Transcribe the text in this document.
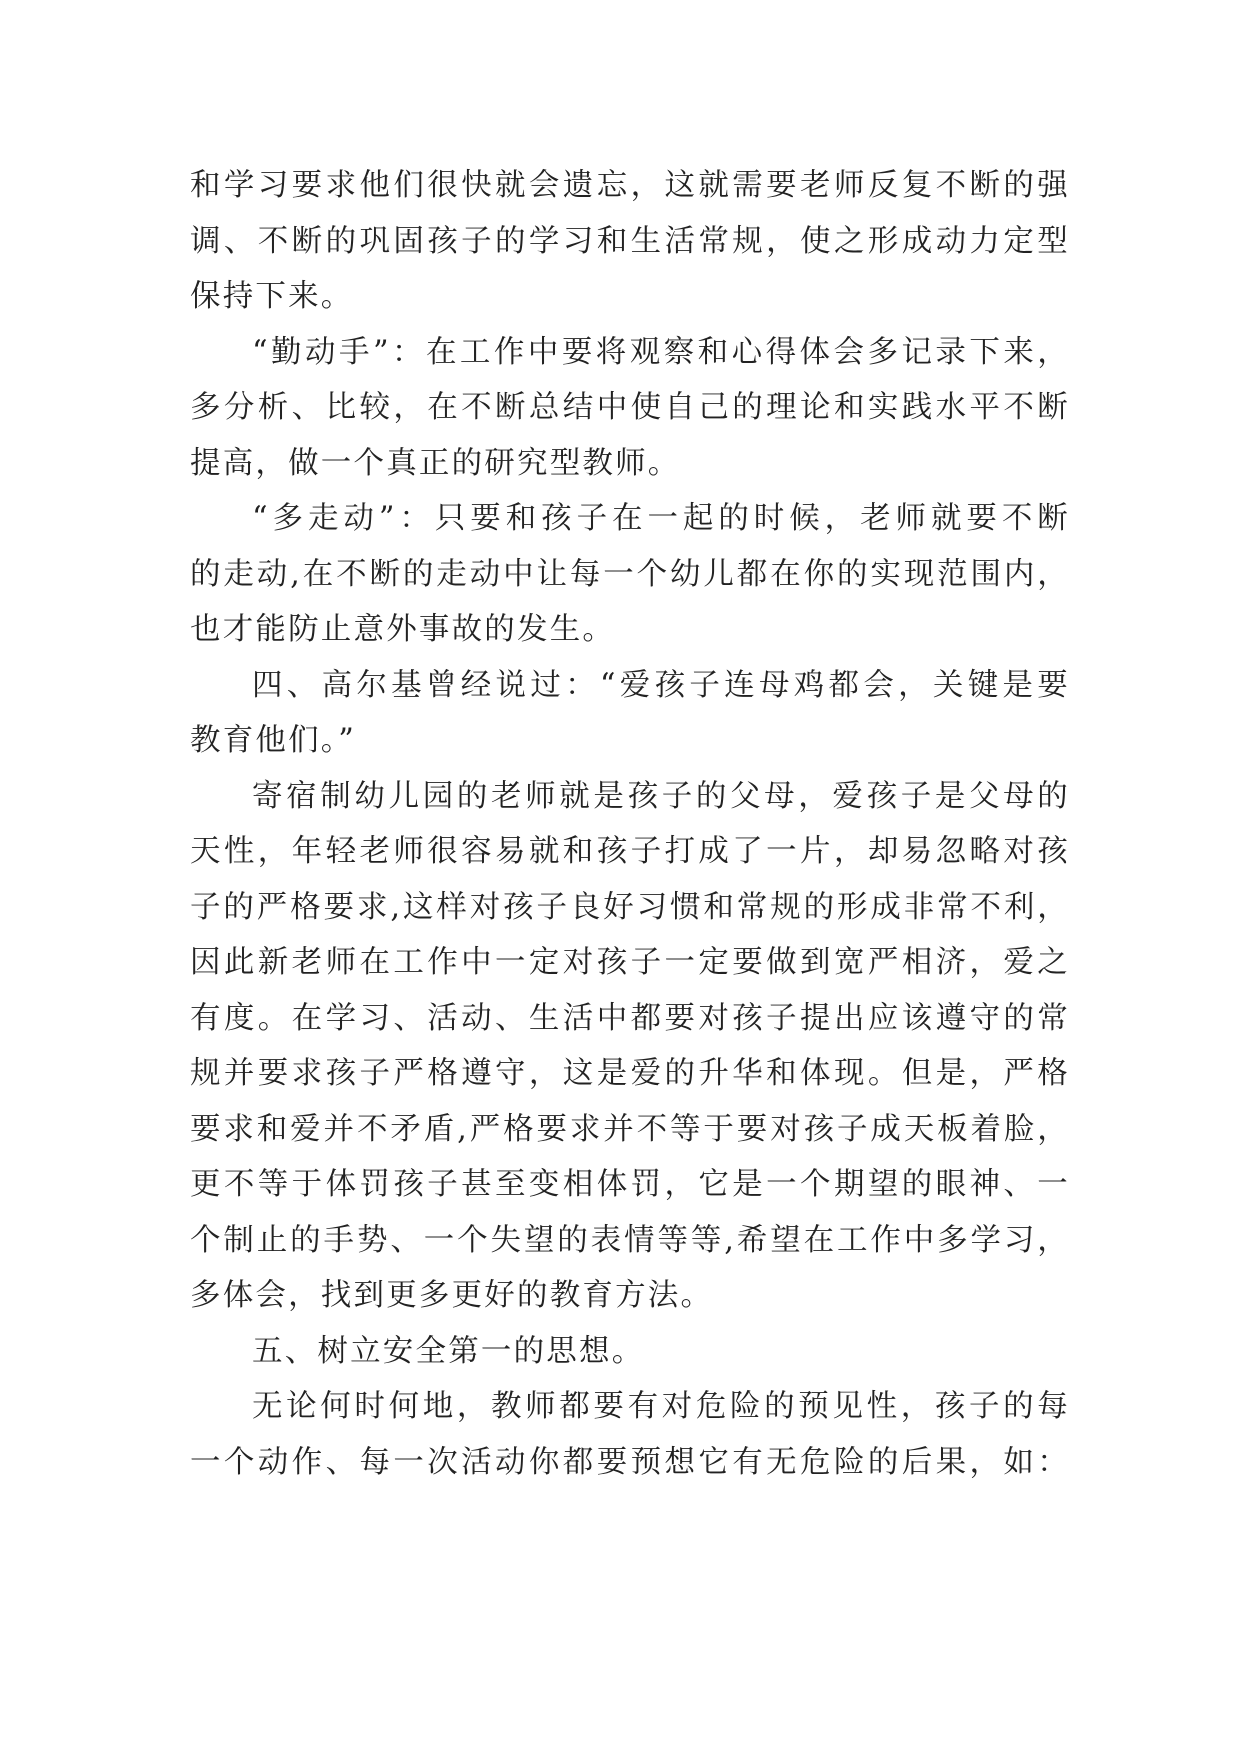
和学习要求他们很快就会遗忘，这就需要老师反复不断的强
调、不断的巩固孩子的学习和生活常规，使之形成动力定型
保持下来。
“勤动手”：在工作中要将观察和心得体会多记录下来，
多分析、比较，在不断总结中使自己的理论和实践水平不断
提高，做一个真正的研究型教师。
“多走动”：只要和孩子在一起的时候，老师就要不断
的走动,在不断的走动中让每一个幼儿都在你的实现范围内，
也才能防止意外事故的发生。
四、高尔基曾经说过：“爱孩子连母鸡都会，关键是要
教育他们。”
寄宿制幼儿园的老师就是孩子的父母，爱孩子是父母的
天性，年轻老师很容易就和孩子打成了一片，却易忽略对孩
子的严格要求,这样对孩子良好习惯和常规的形成非常不利，
因此新老师在工作中一定对孩子一定要做到宽严相济，爱之
有度。在学习、活动、生活中都要对孩子提出应该遵守的常
规并要求孩子严格遵守，这是爱的升华和体现。但是，严格
要求和爱并不矛盾,严格要求并不等于要对孩子成天板着脸，
更不等于体罚孩子甚至变相体罚，它是一个期望的眼神、一
个制止的手势、一个失望的表情等等,希望在工作中多学习，
多体会，找到更多更好的教育方法。
五、树立安全第一的思想。
无论何时何地，教师都要有对危险的预见性，孩子的每
一个动作、每一次活动你都要预想它有无危险的后果，如：
